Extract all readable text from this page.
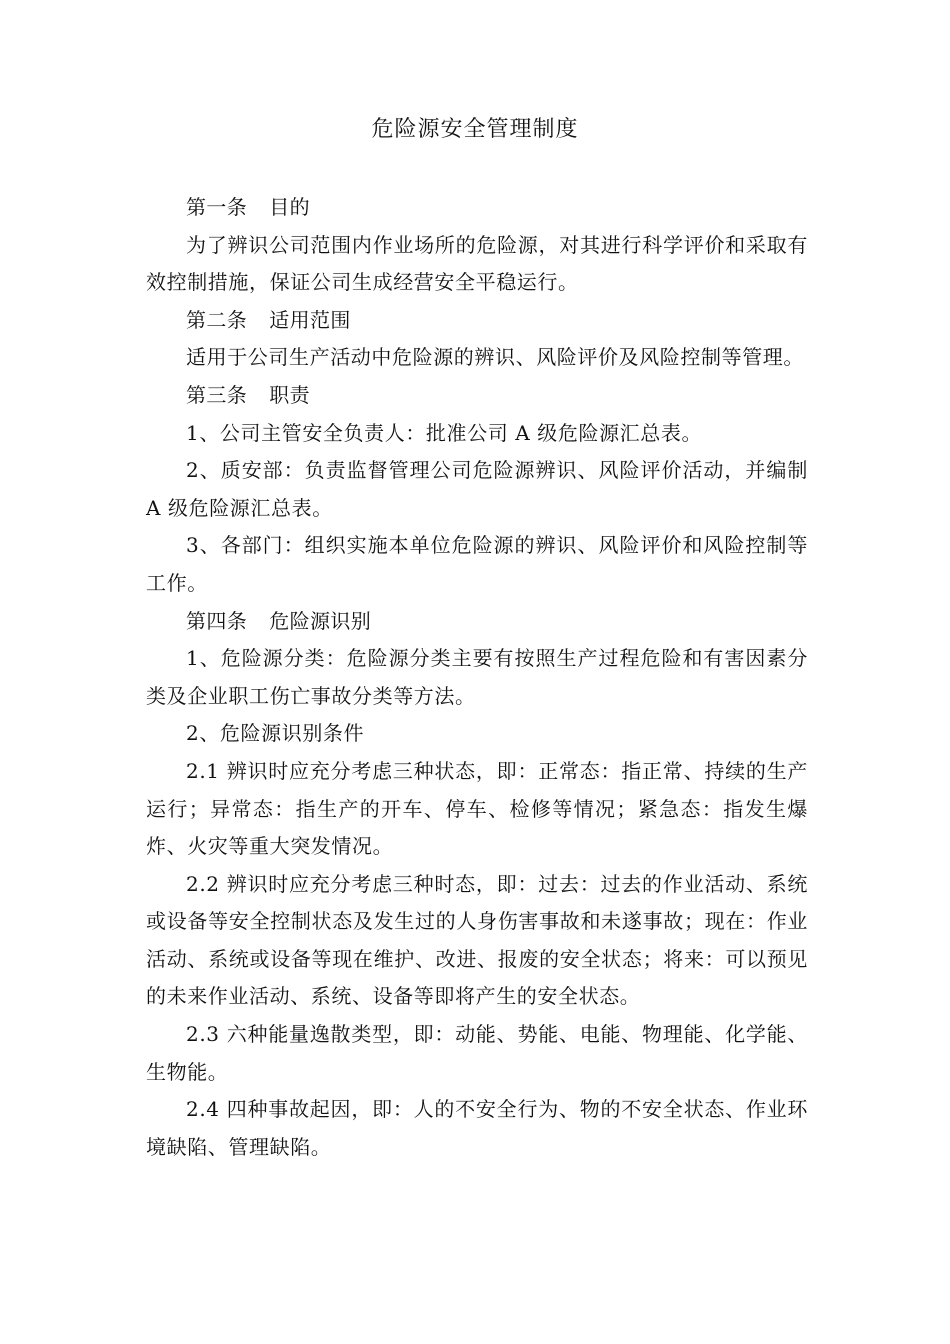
危险源安全管理制度

第一条 目的

为了辨识公司范围内作业场所的危险源，对其进行科学评价和采取有效控制措施，保证公司生成经营安全平稳运行。

第二条 适用范围

适用于公司生产活动中危险源的辨识、风险评价及风险控制等管理。

第三条 职责

1、公司主管安全负责人：批准公司 A 级危险源汇总表。

2、质安部：负责监督管理公司危险源辨识、风险评价活动，并编制 A 级危险源汇总表。

3、各部门：组织实施本单位危险源的辨识、风险评价和风险控制等工作。

第四条 危险源识别

1、危险源分类：危险源分类主要有按照生产过程危险和有害因素分类及企业职工伤亡事故分类等方法。

2、危险源识别条件

2.1 辨识时应充分考虑三种状态，即：正常态：指正常、持续的生产运行；异常态：指生产的开车、停车、检修等情况；紧急态：指发生爆炸、火灾等重大突发情况。

2.2 辨识时应充分考虑三种时态，即：过去：过去的作业活动、系统或设备等安全控制状态及发生过的人身伤害事故和未遂事故；现在：作业活动、系统或设备等现在维护、改进、报废的安全状态；将来：可以预见的未来作业活动、系统、设备等即将产生的安全状态。

2.3 六种能量逸散类型，即：动能、势能、电能、物理能、化学能、生物能。

2.4 四种事故起因，即：人的不安全行为、物的不安全状态、作业环境缺陷、管理缺陷。
